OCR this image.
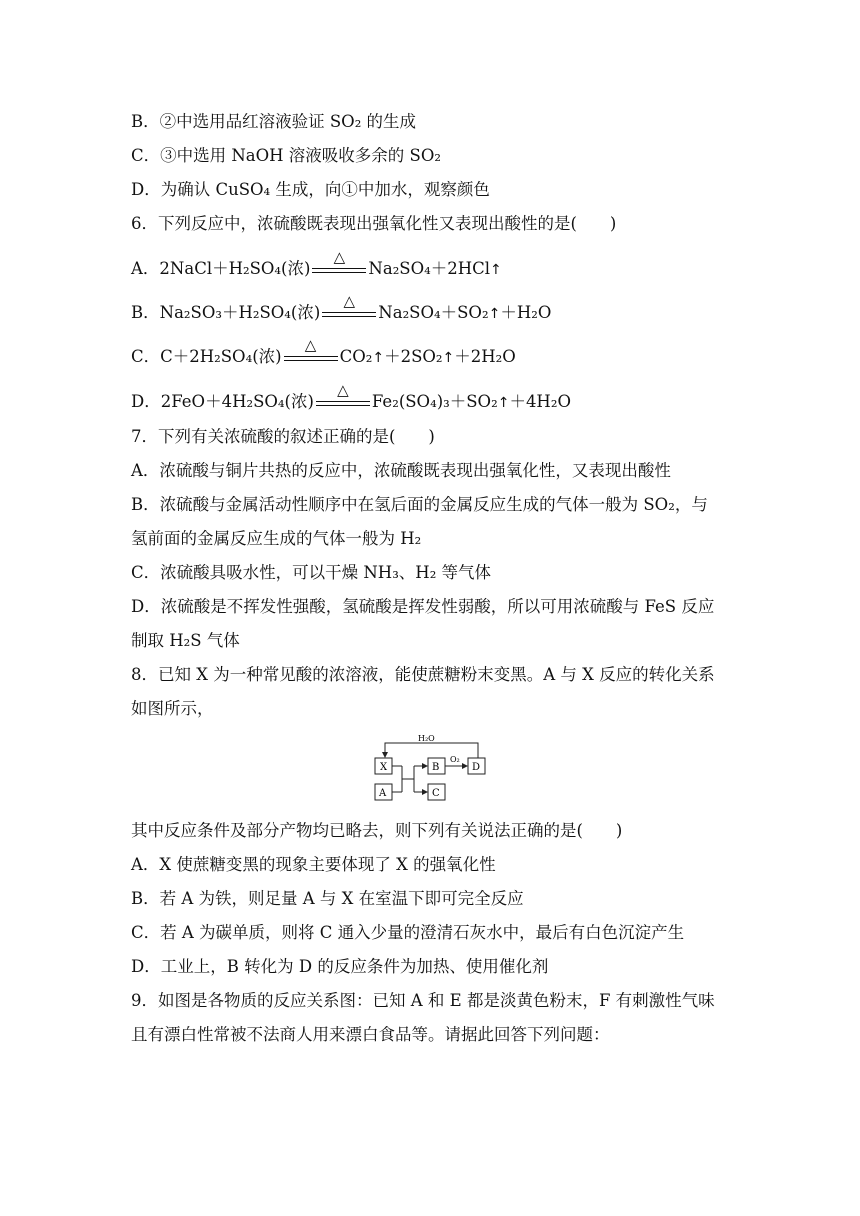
B．②中选用品红溶液验证 SO₂ 的生成
C．③中选用 NaOH 溶液吸收多余的 SO₂
D．为确认 CuSO₄ 生成，向①中加水，观察颜色
6．下列反应中，浓硫酸既表现出强氧化性又表现出酸性的是(　　)
A．2NaCl＋H₂SO₄(浓)
△
Na₂SO₄＋2HCl↑
B．Na₂SO₃＋H₂SO₄(浓)
△
Na₂SO₄＋SO₂↑＋H₂O
C．C＋2H₂SO₄(浓)
△
CO₂↑＋2SO₂↑＋2H₂O
D．2FeO＋4H₂SO₄(浓)
△
Fe₂(SO₄)₃＋SO₂↑＋4H₂O
7．下列有关浓硫酸的叙述正确的是(　　)
A．浓硫酸与铜片共热的反应中，浓硫酸既表现出强氧化性，又表现出酸性
B．浓硫酸与金属活动性顺序中在氢后面的金属反应生成的气体一般为 SO₂，与
氢前面的金属反应生成的气体一般为 H₂
C．浓硫酸具吸水性，可以干燥 NH₃、H₂ 等气体
D．浓硫酸是不挥发性强酸，氢硫酸是挥发性弱酸，所以可用浓硫酸与 FeS 反应
制取 H₂S 气体
8．已知 X 为一种常见酸的浓溶液，能使蔗糖粉末变黑。A 与 X 反应的转化关系
如图所示，
H₂O
X
A
B
C
D
O₂
其中反应条件及部分产物均已略去，则下列有关说法正确的是(　　)
A．X 使蔗糖变黑的现象主要体现了 X 的强氧化性
B．若 A 为铁，则足量 A 与 X 在室温下即可完全反应
C．若 A 为碳单质，则将 C 通入少量的澄清石灰水中，最后有白色沉淀产生
D．工业上，B 转化为 D 的反应条件为加热、使用催化剂
9．如图是各物质的反应关系图：已知 A 和 E 都是淡黄色粉末，F 有刺激性气味
且有漂白性常被不法商人用来漂白食品等。请据此回答下列问题：
